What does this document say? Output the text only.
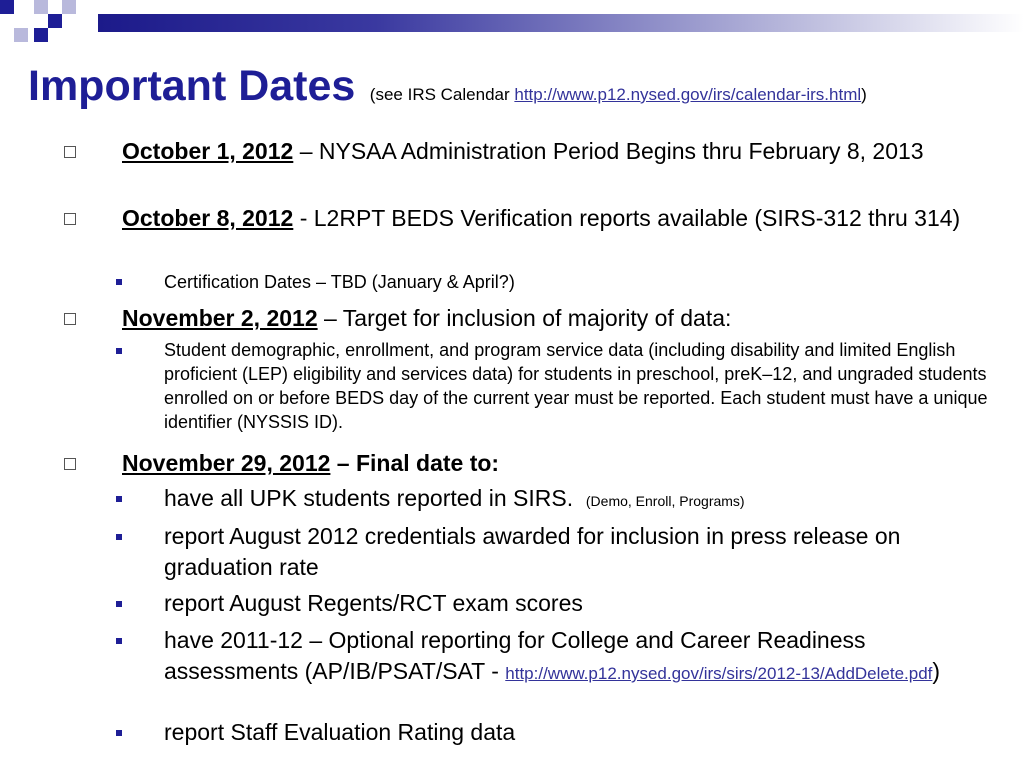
Important Dates (see IRS Calendar http://www.p12.nysed.gov/irs/calendar-irs.html)
October 1, 2012 – NYSAA Administration Period Begins thru February 8, 2013
October 8, 2012 - L2RPT BEDS Verification reports available (SIRS-312 thru 314)
Certification Dates – TBD (January & April?)
November 2, 2012 – Target for inclusion of majority of data:
Student demographic, enrollment, and program service data (including disability and limited English proficient (LEP) eligibility and services data) for students in preschool, preK–12, and ungraded students enrolled on or before BEDS day of the current year must be reported. Each student must have a unique identifier (NYSSIS ID).
November 29, 2012 – Final date to:
have all UPK students reported in SIRS. (Demo, Enroll, Programs)
report August 2012 credentials awarded for inclusion in press release on graduation rate
report August Regents/RCT exam scores
have 2011-12 – Optional reporting for College and Career Readiness assessments (AP/IB/PSAT/SAT - http://www.p12.nysed.gov/irs/sirs/2012-13/AddDelete.pdf)
report Staff Evaluation Rating data
